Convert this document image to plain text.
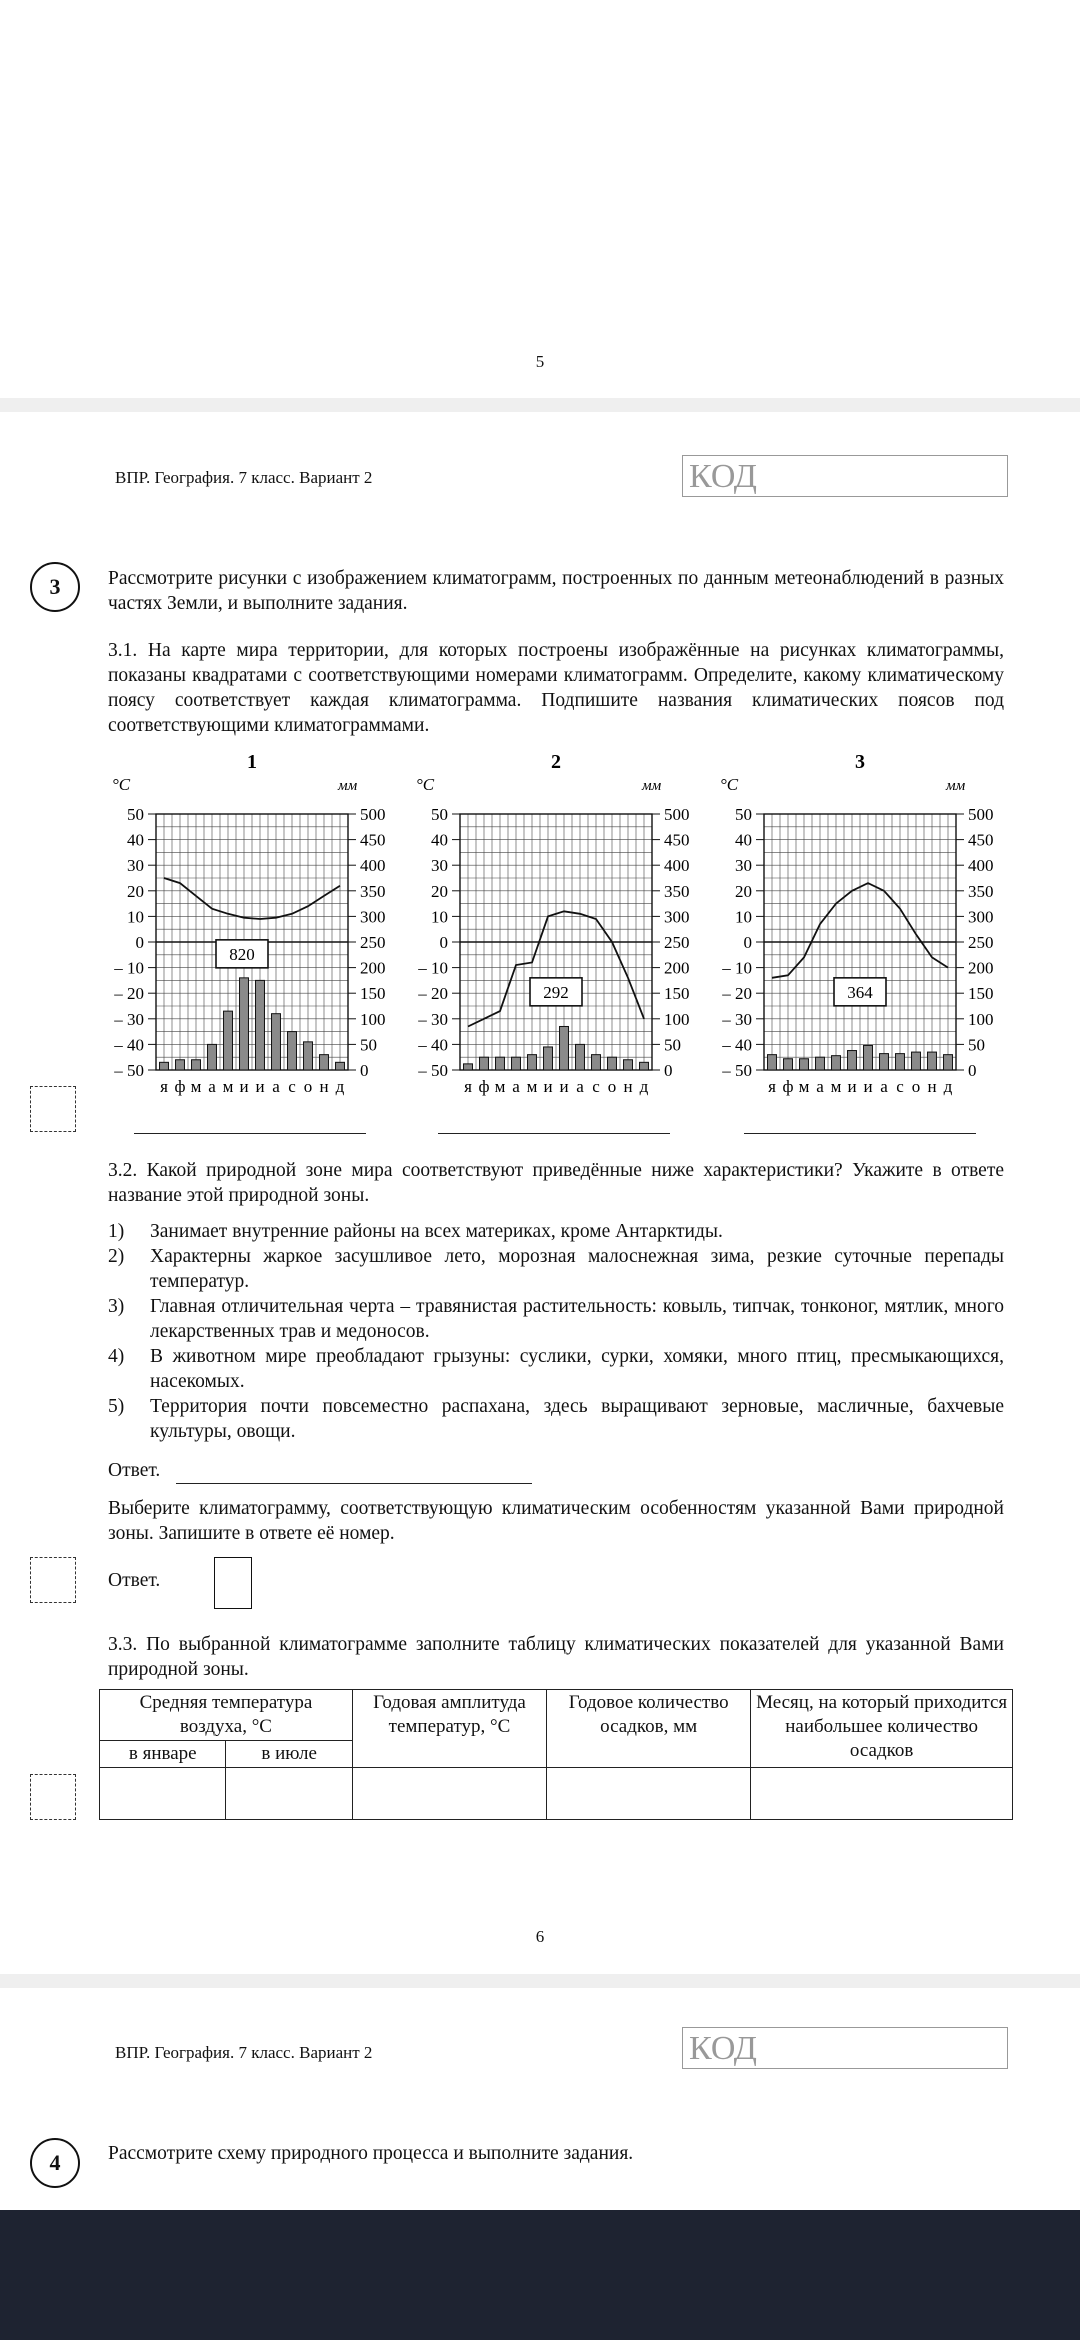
5
ВПР. География. 7 класс. Вариант 2	КОД
3	Рассмотрите рисунки с изображением климатограмм, построенных по данным метеонаблюдений в разных частях Земли, и выполните задания.
3.1. На карте мира территории, для которых построены изображённые на рисунках климатограммы, показаны квадратами с соответствующими номерами климатограмм. Определите, какому климатическому поясу соответствует каждая климатограмма. Подпишите названия климатических поясов под соответствующими климатограммами.
1
°C	мм
50
40
30
20
10
0
– 10
– 20
– 30
– 40
– 50
500
450
400
350
300
250
200
150
100
50
0
я ф м а м и и а с о н д
820
2
°C	мм
50
40
30
20
10
0
– 10
– 20
– 30
– 40
– 50
500
450
400
350
300
250
200
150
100
50
0
я ф м а м и и а с о н д
292
3
°C	мм
50
40
30
20
10
0
– 10
– 20
– 30
– 40
– 50
500
450
400
350
300
250
200
150
100
50
0
я ф м а м и и а с о н д
364
3.2. Какой природной зоне мира соответствуют приведённые ниже характеристики? Укажите в ответе название этой природной зоны.
1)	Занимает внутренние районы на всех материках, кроме Антарктиды.
2)	Характерны жаркое засушливое лето, морозная малоснежная зима, резкие суточные перепады температур.
3)	Главная отличительная черта – травянистая растительность: ковыль, типчак, тонконог, мятлик, много лекарственных трав и медоносов.
4)	В животном мире преобладают грызуны: суслики, сурки, хомяки, много птиц, пресмыкающихся, насекомых.
5)	Территория почти повсеместно распахана, здесь выращивают зерновые, масличные, бахчевые культуры, овощи.
Ответ.
Выберите климатограмму, соответствующую климатическим особенностям указанной Вами природной зоны. Запишите в ответе её номер.
Ответ.
3.3. По выбранной климатограмме заполните таблицу климатических показателей для указанной Вами природной зоны.
Средняя температура воздуха, °C		Годовая амплитуда температур, °C	Годовое количество осадков, мм	Месяц, на который приходится наибольшее количество осадков
в январе	в июле			

6
ВПР. География. 7 класс. Вариант 2	КОД
4	Рассмотрите схему природного процесса и выполните задания.
